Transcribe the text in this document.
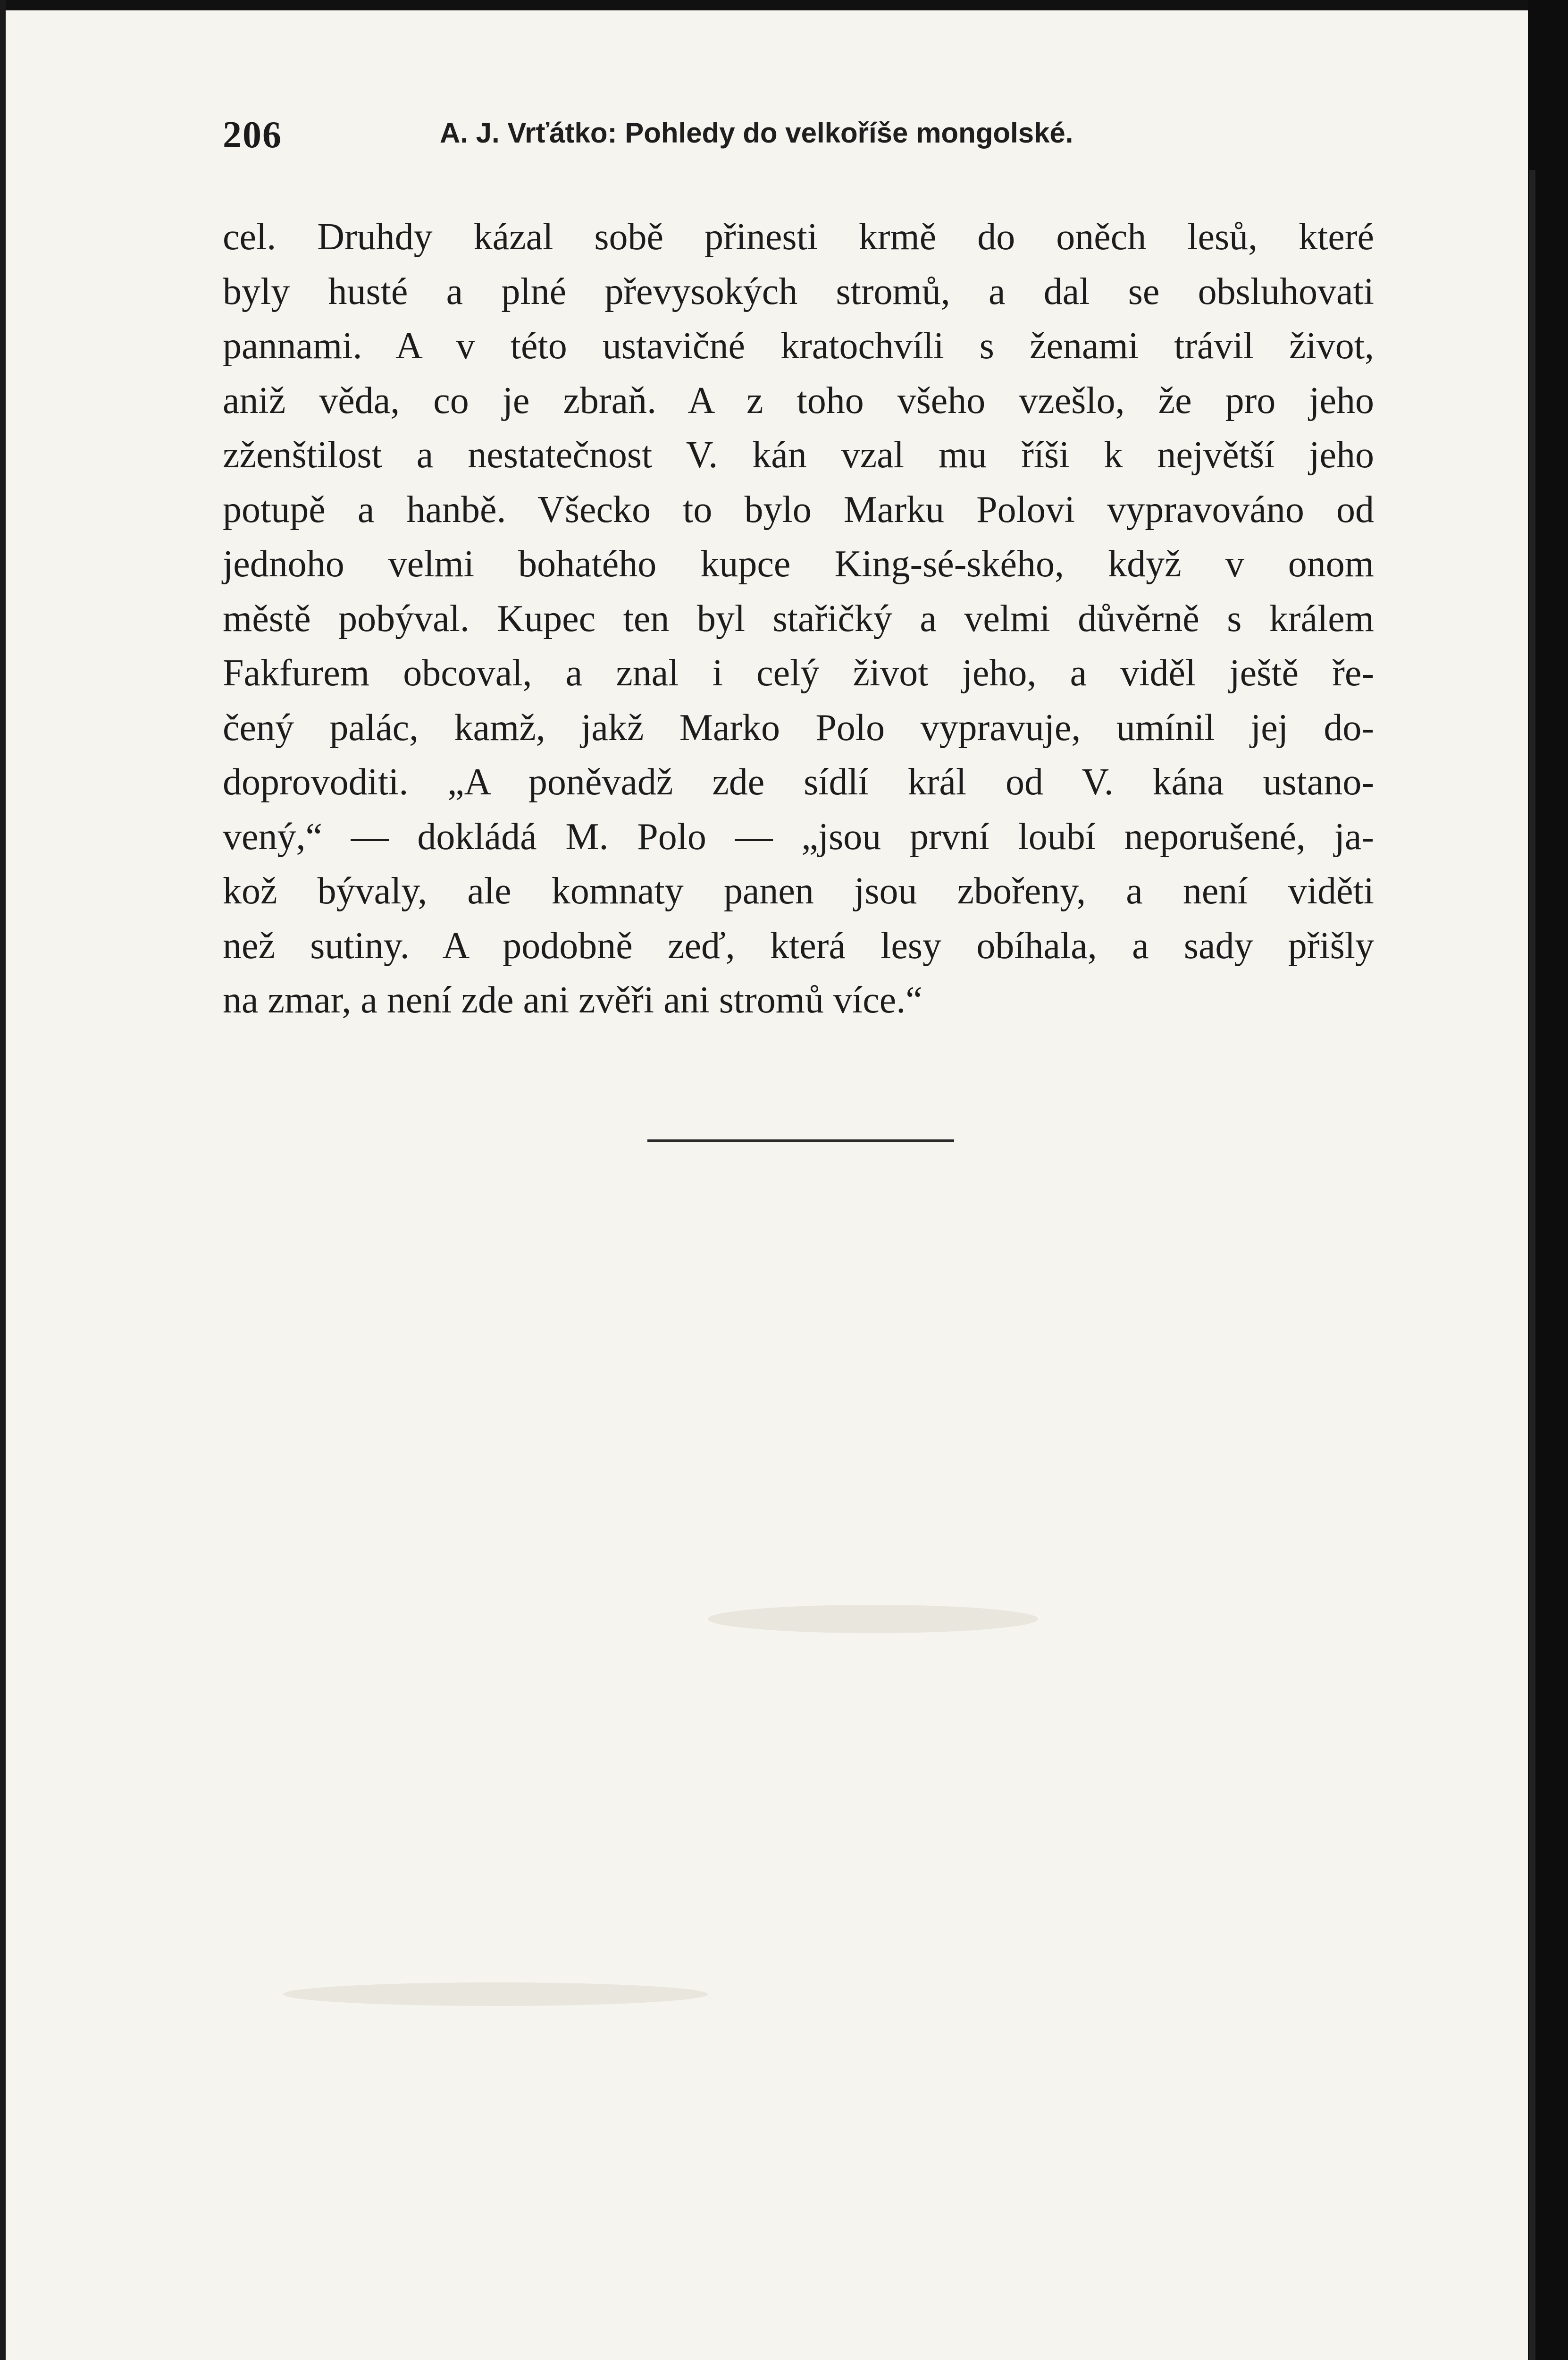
206	A. J. Vrťátko: Pohledy do velkoříše mongolské.
cel. Druhdy kázal sobě přinesti krmě do oněch lesů, které
byly husté a plné převysokých stromů, a dal se obsluhovati
pannami. A v této ustavičné kratochvíli s ženami trávil život,
aniž věda, co je zbraň. A z toho všeho vzešlo, že pro jeho
zženštilost a nestatečnost V. kán vzal mu říši k největší jeho
potupě a hanbě. Všecko to bylo Marku Polovi vypravováno od
jednoho velmi bohatého kupce King-sé-ského, když v onom
městě pobýval. Kupec ten byl stařičký a velmi důvěrně s králem
Fakfurem obcoval, a znal i celý život jeho, a viděl ještě ře-
čený palác, kamž, jakž Marko Polo vypravuje, umínil jej do-
doprovoditi. „A poněvadž zde sídlí král od V. kána ustano-
vený,“ — dokládá M. Polo — „jsou první loubí neporušené, ja-
kož bývaly, ale komnaty panen jsou zbořeny, a není viděti
než sutiny. A podobně zeď, která lesy obíhala, a sady přišly
na zmar, a není zde ani zvěři ani stromů více.“
